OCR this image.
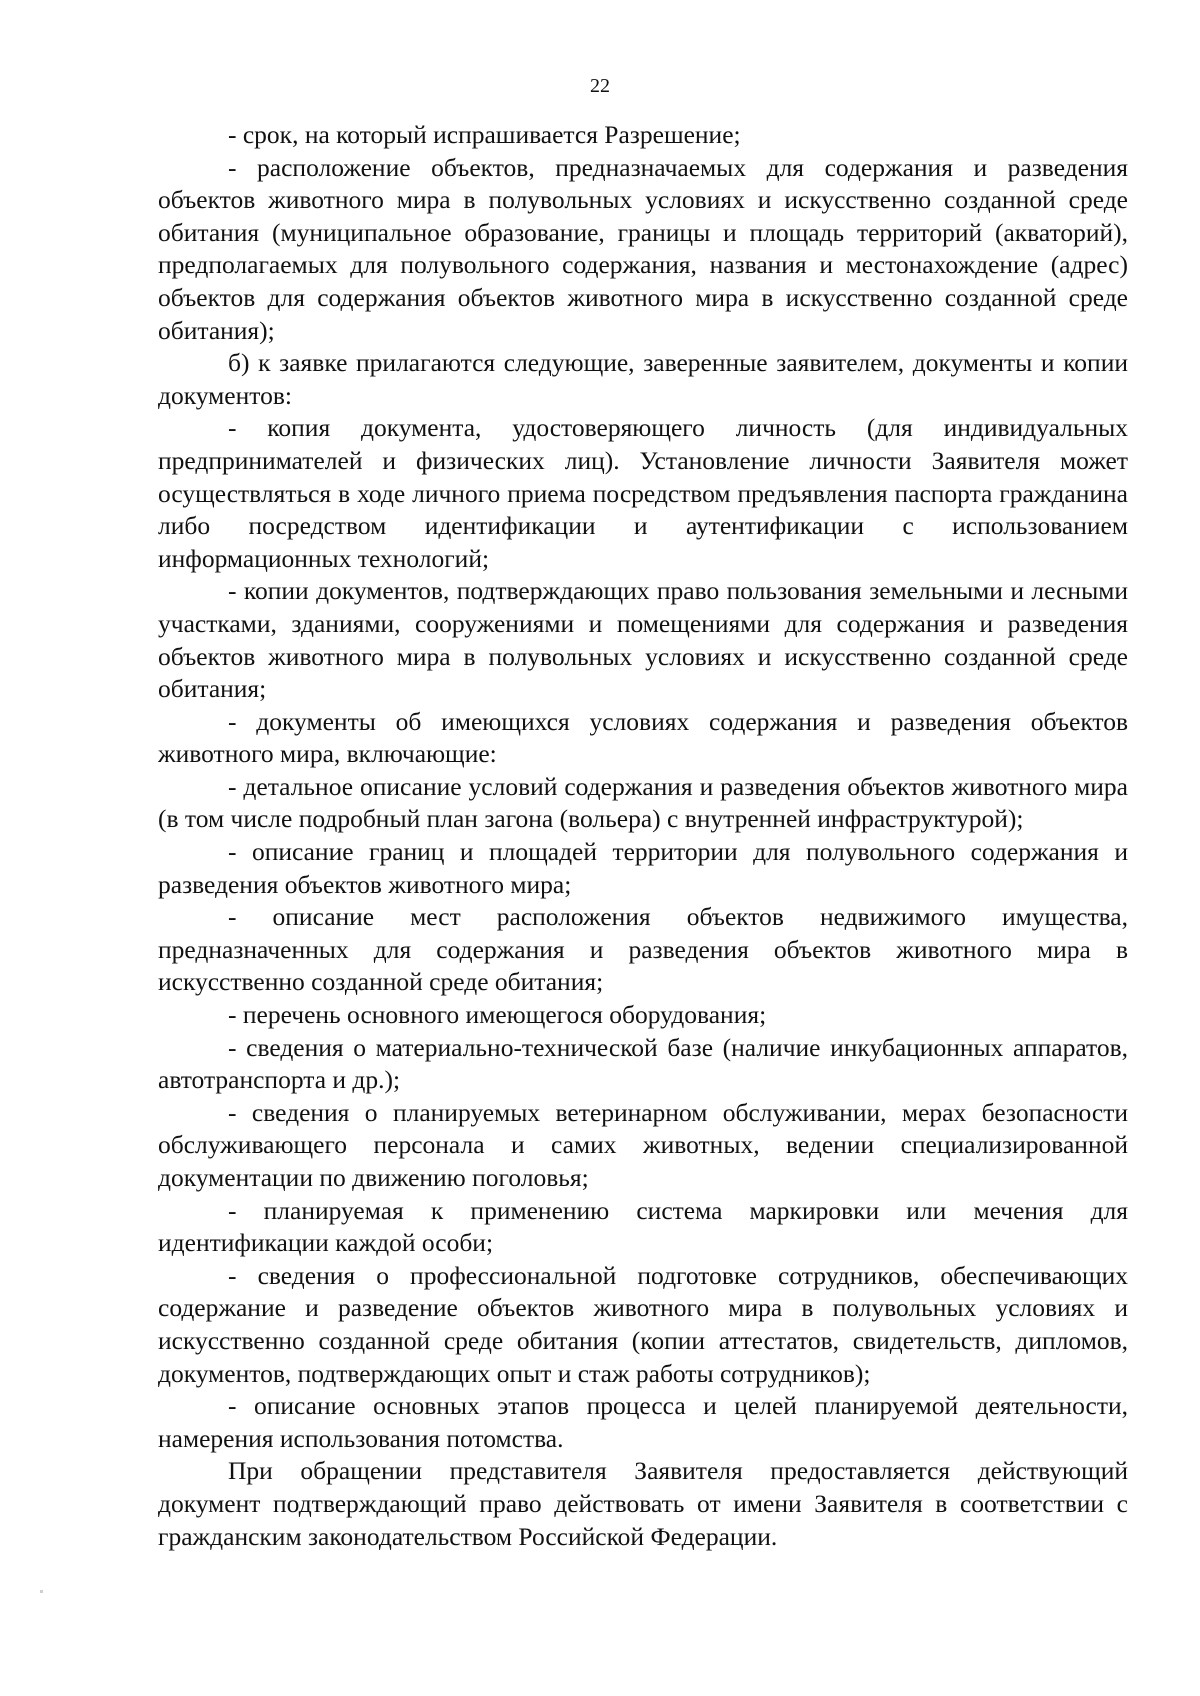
22

- срок, на который испрашивается Разрешение;

- расположение объектов, предназначаемых для содержания и разведения объектов животного мира в полувольных условиях и искусственно созданной среде обитания (муниципальное образование, границы и площадь территорий (акваторий), предполагаемых для полувольного содержания, названия и местонахождение (адрес) объектов для содержания объектов животного мира в искусственно созданной среде обитания);

б) к заявке прилагаются следующие, заверенные заявителем, документы и копии документов:

- копия документа, удостоверяющего личность (для индивидуальных предпринимателей и физических лиц). Установление личности Заявителя может осуществляться в ходе личного приема посредством предъявления паспорта гражданина либо посредством идентификации и аутентификации с использованием информационных технологий;

- копии документов, подтверждающих право пользования земельными и лесными участками, зданиями, сооружениями и помещениями для содержания и разведения объектов животного мира в полувольных условиях и искусственно созданной среде обитания;

- документы об имеющихся условиях содержания и разведения объектов животного мира, включающие:

- детальное описание условий содержания и разведения объектов животного мира (в том числе подробный план загона (вольера) с внутренней инфраструктурой);

- описание границ и площадей территории для полувольного содержания и разведения объектов животного мира;

- описание мест расположения объектов недвижимого имущества, предназначенных для содержания и разведения объектов животного мира в искусственно созданной среде обитания;

- перечень основного имеющегося оборудования;

- сведения о материально-технической базе (наличие инкубационных аппаратов, автотранспорта и др.);

- сведения о планируемых ветеринарном обслуживании, мерах безопасности обслуживающего персонала и самих животных, ведении специализированной документации по движению поголовья;

- планируемая к применению система маркировки или мечения для идентификации каждой особи;

- сведения о профессиональной подготовке сотрудников, обеспечивающих содержание и разведение объектов животного мира в полувольных условиях и искусственно созданной среде обитания (копии аттестатов, свидетельств, дипломов, документов, подтверждающих опыт и стаж работы сотрудников);

- описание основных этапов процесса и целей планируемой деятельности, намерения использования потомства.

При обращении представителя Заявителя предоставляется действующий документ подтверждающий право действовать от имени Заявителя в соответствии с гражданским законодательством Российской Федерации.
